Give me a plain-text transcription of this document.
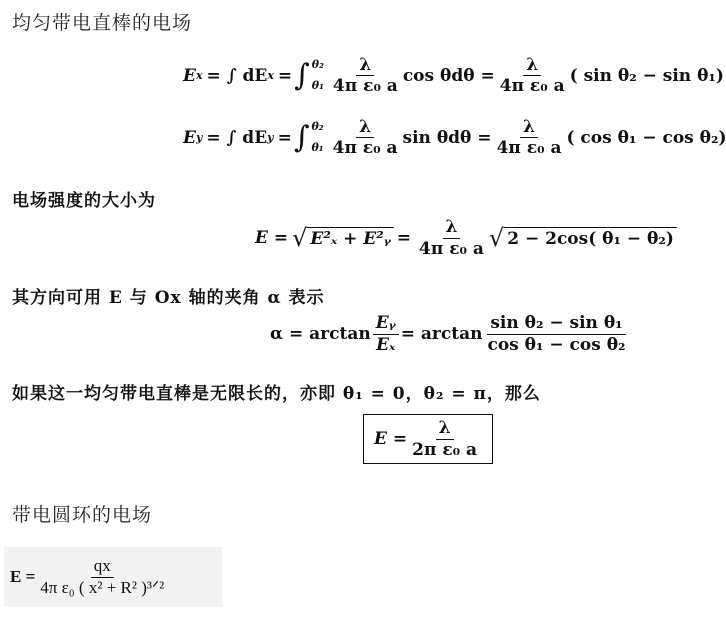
均匀带电直棒的电场
E x = ∫ dE x = ∫ θ₂
$\theta_1 \frac{\lambda}{\text{4π ε₀ a}}$ $\cos \theta d\theta = \frac{\lambda}{\text{4π ε₀ a}}$ ( sin θ₂ − sin θ₁)
E y = ∫ dE y = ∫ θ₂
$\theta_1 \frac{\lambda}{\text{4π ε₀ a}}$ $\sin \theta d\theta = \frac{\lambda}{\text{4π ε₀ a}}$ ( cos θ₁ − cos θ₂)
电场强度的大小为
E = √ E²ₓ + E²ᵧ = $\frac{\lambda}{\text{4π ε₀ a}}$ √ 2 − 2cos( θ₁ − θ₂)
其方向可用 E 与 Ox 轴的夹角 α 表示
$\alpha = \arctan \frac{\text{Eᵧ}}{\text{Eₓ}} = \arctan \frac{\text{sin θ₂ − sin θ₁}}{\text{cos θ₁ − cos θ₂}}$
如果这一均匀带电直棒是无限长的，亦即 θ₁ = 0，θ₂ = π，那么
$E = \frac{\lambda}{\text{2π ε₀ a}}$
带电圆环的电场
$E = \frac{qx}{\text{4π ε₀ ( x² + R² )³ᐟ²}}$
